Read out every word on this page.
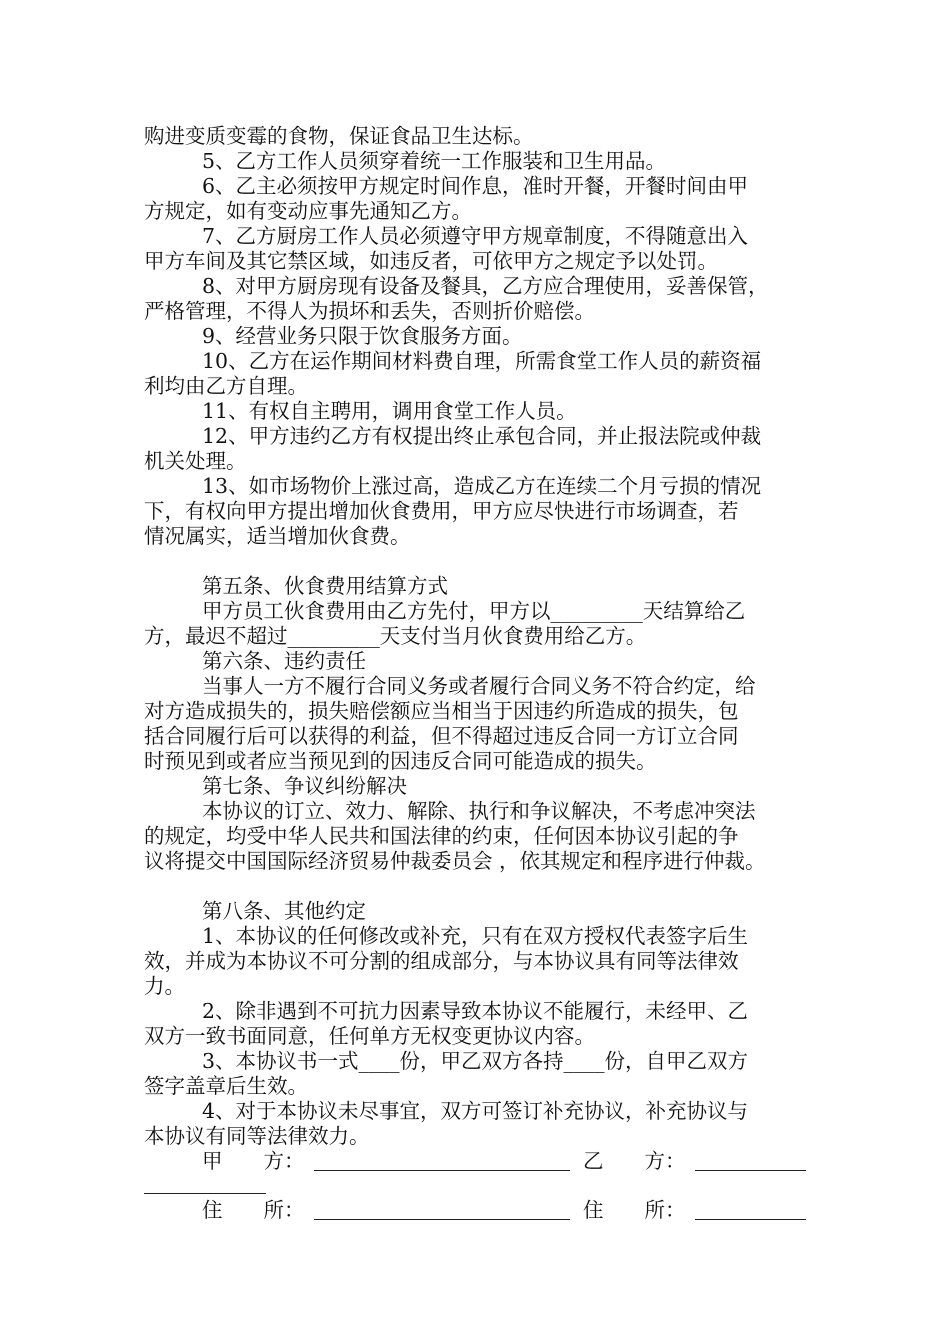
购进变质变霉的食物，保证食品卫生达标。
5、乙方工作人员须穿着统一工作服装和卫生用品。
6、乙主必须按甲方规定时间作息，准时开餐，开餐时间由甲
方规定，如有变动应事先通知乙方。
7、乙方厨房工作人员必须遵守甲方规章制度，不得随意出入
甲方车间及其它禁区域，如违反者，可依甲方之规定予以处罚。
8、对甲方厨房现有设备及餐具，乙方应合理使用，妥善保管，
严格管理，不得人为损坏和丢失，否则折价赔偿。
9、经营业务只限于饮食服务方面。
10、乙方在运作期间材料费自理，所需食堂工作人员的薪资福
利均由乙方自理。
11、有权自主聘用，调用食堂工作人员。
12、甲方违约乙方有权提出终止承包合同，并止报法院或仲裁
机关处理。
13、如市场物价上涨过高，造成乙方在连续二个月亏损的情况
下，有权向甲方提出增加伙食费用，甲方应尽快进行市场调查，若
情况属实，适当增加伙食费。
第五条、伙食费用结算方式
甲方员工伙食费用由乙方先付，甲方以_________天结算给乙
方，最迟不超过_________天支付当月伙食费用给乙方。
第六条、违约责任
当事人一方不履行合同义务或者履行合同义务不符合约定，给
对方造成损失的，损失赔偿额应当相当于因违约所造成的损失，包
括合同履行后可以获得的利益，但不得超过违反合同一方订立合同
时预见到或者应当预见到的因违反合同可能造成的损失。
第七条、争议纠纷解决
本协议的订立、效力、解除、执行和争议解决，不考虑冲突法
的规定，均受中华人民共和国法律的约束，任何因本协议引起的争
议将提交中国国际经济贸易仲裁委员会 ，依其规定和程序进行仲裁。
第八条、其他约定
1、本协议的任何修改或补充，只有在双方授权代表签字后生
效，并成为本协议不可分割的组成部分，与本协议具有同等法律效
力。
2、除非遇到不可抗力因素导致本协议不能履行，未经甲、乙
双方一致书面同意，任何单方无权变更协议内容。
3、本协议书一式____份，甲乙双方各持____份，自甲乙双方
签字盖章后生效。
4、对于本协议未尽事宜，双方可签订补充协议，补充协议与
本协议有同等法律效力。
甲　　方：	乙　　方：
住　　所：	住　　所：
